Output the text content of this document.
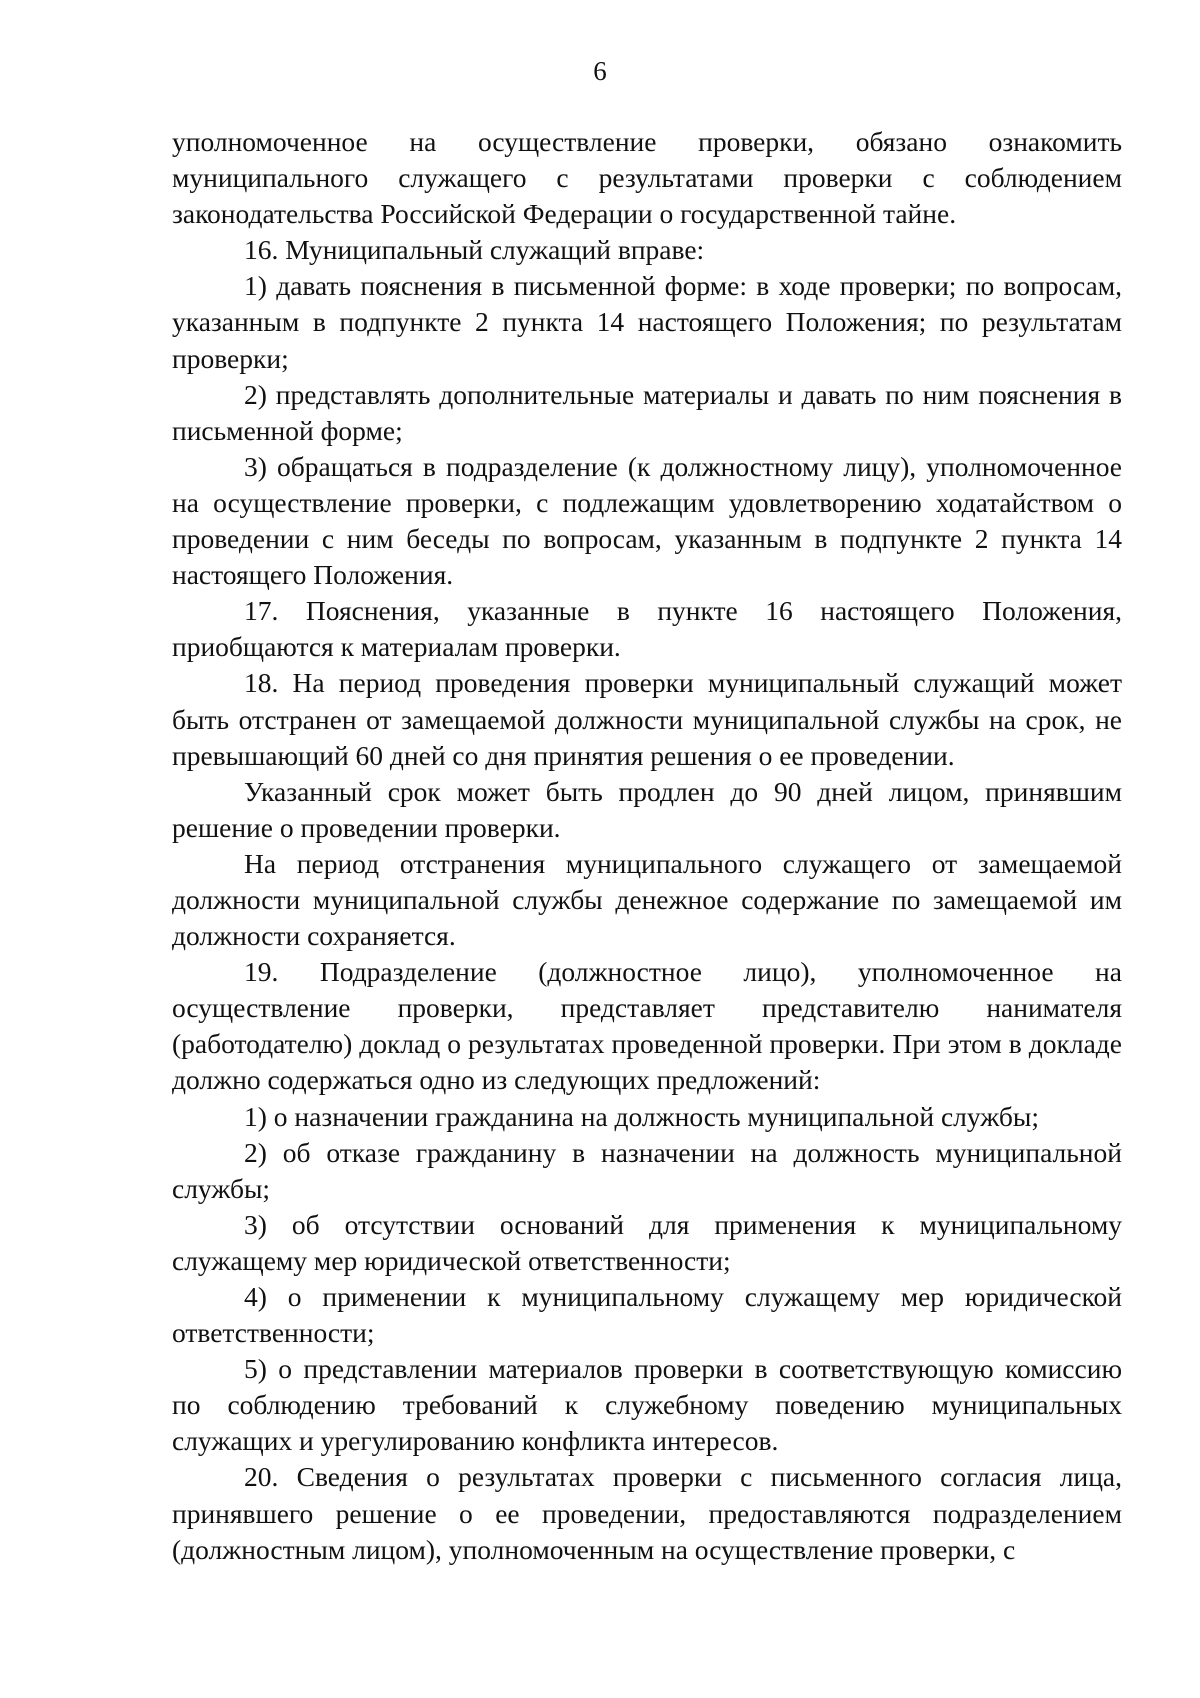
6

уполномоченное на осуществление проверки, обязано ознакомить муниципального служащего с результатами проверки с соблюдением законодательства Российской Федерации о государственной тайне.

16. Муниципальный служащий вправе:

1) давать пояснения в письменной форме: в ходе проверки; по вопросам, указанным в подпункте 2 пункта 14 настоящего Положения; по результатам проверки;

2) представлять дополнительные материалы и давать по ним пояснения в письменной форме;

3) обращаться в подразделение (к должностному лицу), уполномоченное на осуществление проверки, с подлежащим удовлетворению ходатайством о проведении с ним беседы по вопросам, указанным в подпункте 2 пункта 14 настоящего Положения.

17. Пояснения, указанные в пункте 16 настоящего Положения, приобщаются к материалам проверки.

18. На период проведения проверки муниципальный служащий может быть отстранен от замещаемой должности муниципальной службы на срок, не превышающий 60 дней со дня принятия решения о ее проведении.

Указанный срок может быть продлен до 90 дней лицом, принявшим решение о проведении проверки.

На период отстранения муниципального служащего от замещаемой должности муниципальной службы денежное содержание по замещаемой им должности сохраняется.

19. Подразделение (должностное лицо), уполномоченное на осуществление проверки, представляет представителю нанимателя (работодателю) доклад о результатах проведенной проверки. При этом в докладе должно содержаться одно из следующих предложений:

1) о назначении гражданина на должность муниципальной службы;

2) об отказе гражданину в назначении на должность муниципальной службы;

3) об отсутствии оснований для применения к муниципальному служащему мер юридической ответственности;

4) о применении к муниципальному служащему мер юридической ответственности;

5) о представлении материалов проверки в соответствующую комиссию по соблюдению требований к служебному поведению муниципальных служащих и урегулированию конфликта интересов.

20. Сведения о результатах проверки с письменного согласия лица, принявшего решение о ее проведении, предоставляются подразделением (должностным лицом), уполномоченным на осуществление проверки, с
